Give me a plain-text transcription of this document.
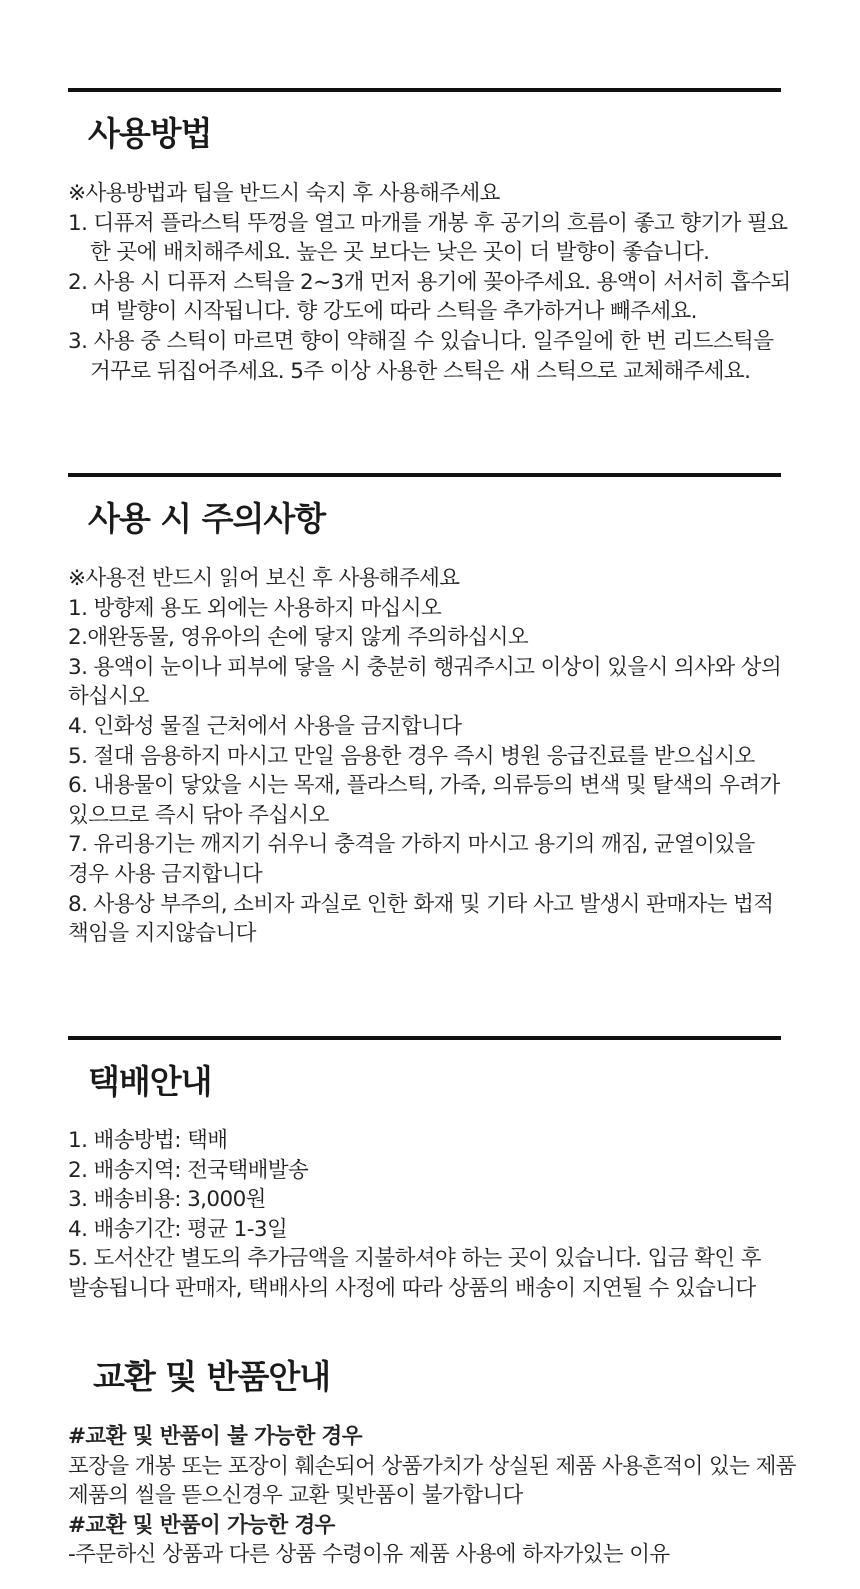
사용방법
※사용방법과 팁을 반드시 숙지 후 사용해주세요
1. 디퓨저 플라스틱 뚜껑을 열고 마개를 개봉 후 공기의 흐름이 좋고 향기가 필요
한 곳에 배치해주세요. 높은 곳 보다는 낮은 곳이 더 발향이 좋습니다.
2. 사용 시 디퓨저 스틱을 2~3개 먼저 용기에 꽂아주세요. 용액이 서서히 흡수되
며 발향이 시작됩니다. 향 강도에 따라 스틱을 추가하거나 빼주세요.
3. 사용 중 스틱이 마르면 향이 약해질 수 있습니다. 일주일에 한 번 리드스틱을
거꾸로 뒤집어주세요. 5주 이상 사용한 스틱은 새 스틱으로 교체해주세요.
사용 시 주의사항
※사용전 반드시 읽어 보신 후 사용해주세요
1. 방향제 용도 외에는 사용하지 마십시오
2.애완동물, 영유아의 손에 닿지 않게 주의하십시오
3. 용액이 눈이나 피부에 닿을 시 충분히 행궈주시고 이상이 있을시 의사와 상의
하십시오
4. 인화성 물질 근처에서 사용을 금지합니다
5. 절대 음용하지 마시고 만일 음용한 경우 즉시 병원 응급진료를 받으십시오
6. 내용물이 닿았을 시는 목재, 플라스틱, 가죽, 의류등의 변색 및 탈색의 우려가
있으므로 즉시 닦아 주십시오
7. 유리용기는 깨지기 쉬우니 충격을 가하지 마시고 용기의 깨짐, 균열이있을
경우 사용 금지합니다
8. 사용상 부주의, 소비자 과실로 인한 화재 및 기타 사고 발생시 판매자는 법적
책임을 지지않습니다
택배안내
1. 배송방법: 택배
2. 배송지역: 전국택배발송
3. 배송비용: 3,000원
4. 배송기간: 평균 1-3일
5. 도서산간 별도의 추가금액을 지불하셔야 하는 곳이 있습니다. 입금 확인 후
발송됩니다 판매자, 택배사의 사정에 따라 상품의 배송이 지연될 수 있습니다
교환 및 반품안내
#교환 및 반품이 불 가능한 경우
포장을 개봉 또는 포장이 훼손되어 상품가치가 상실된 제품 사용흔적이 있는 제품
제품의 씰을 뜯으신경우 교환 및반품이 불가합니다
#교환 및 반품이 가능한 경우
-주문하신 상품과 다른 상품 수령이유 제품 사용에 하자가있는 이유
